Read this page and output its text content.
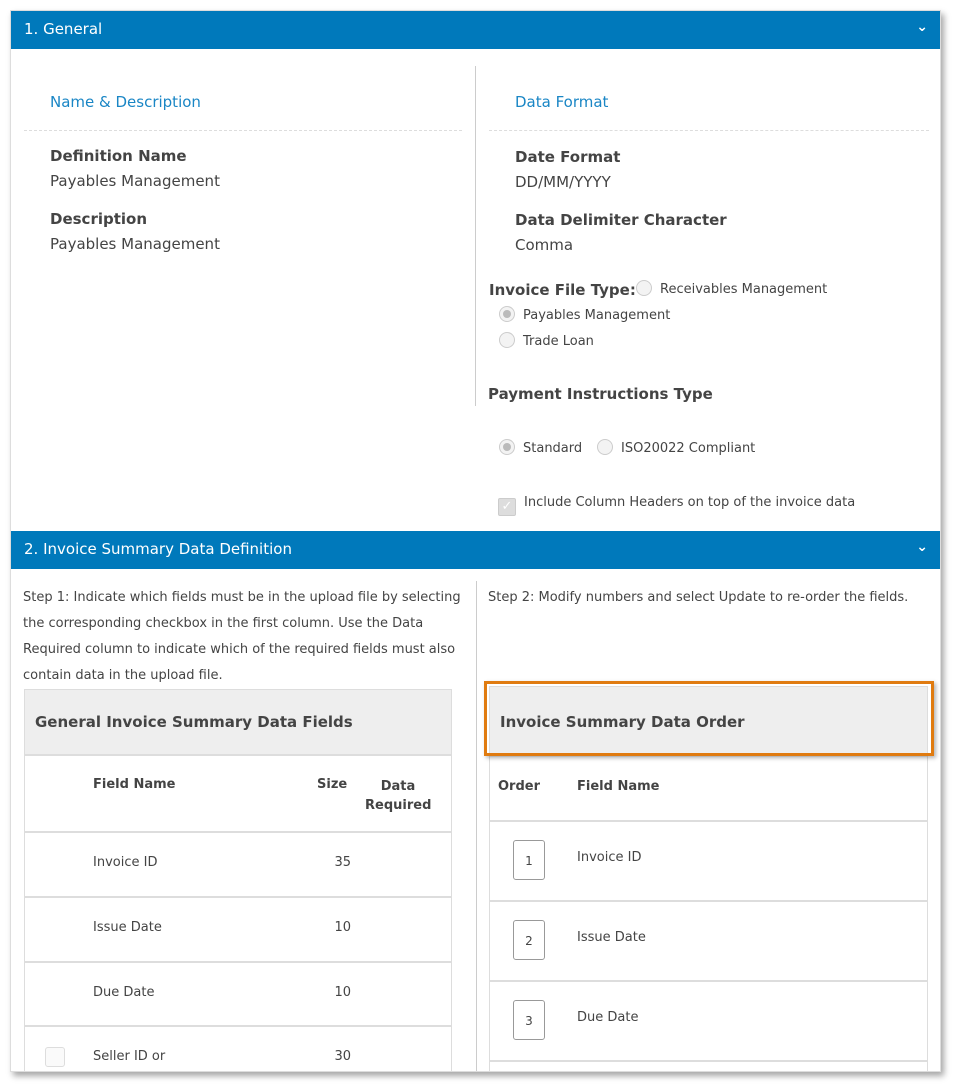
1. General	⌄
Name & Description
Definition Name
Payables Management
Description
Payables Management
Data Format
Date Format
DD/MM/YYYY
Data Delimiter Character
Comma
Invoice File Type:	Receivables Management
Payables Management
Trade Loan
Payment Instructions Type
Standard	ISO20022 Compliant
✓ Include Column Headers on top of the invoice data
2. Invoice Summary Data Definition	⌄
Step 1: Indicate which fields must be in the upload file by selecting the corresponding checkbox in the first column. Use the Data Required column to indicate which of the required fields must also contain data in the upload file.
Step 2: Modify numbers and select Update to re-order the fields.
General Invoice Summary Data Fields
Field Name	Size	Data Required
Invoice ID	35
Issue Date	10
Due Date	10
Seller ID or	30
Invoice Summary Data Order
Order	Field Name
1	Invoice ID
2	Issue Date
3	Due Date
